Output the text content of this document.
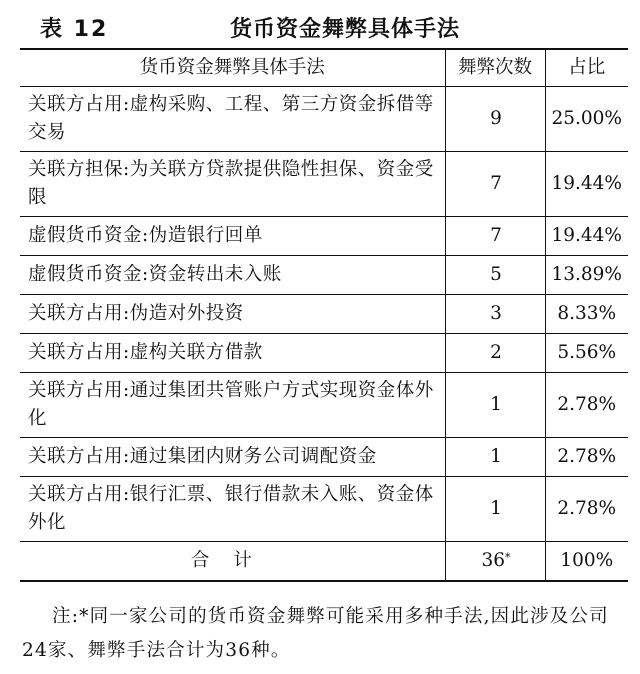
表 12	货币资金舞弊具体手法
货币资金舞弊具体手法	舞弊次数	占比
关联方占用:虚构采购、工程、第三方资金拆借等交易	9	25.00%
关联方担保:为关联方贷款提供隐性担保、资金受限	7	19.44%
虚假货币资金:伪造银行回单	7	19.44%
虚假货币资金:资金转出未入账	5	13.89%
关联方占用:伪造对外投资	3	8.33%
关联方占用:虚构关联方借款	2	5.56%
关联方占用:通过集团共管账户方式实现资金体外化	1	2.78%
关联方占用:通过集团内财务公司调配资金	1	2.78%
关联方占用:银行汇票、银行借款未入账、资金体外化	1	2.78%
合计	36*	100%
注:*同一家公司的货币资金舞弊可能采用多种手法,因此涉及公司24家、舞弊手法合计为36种。
